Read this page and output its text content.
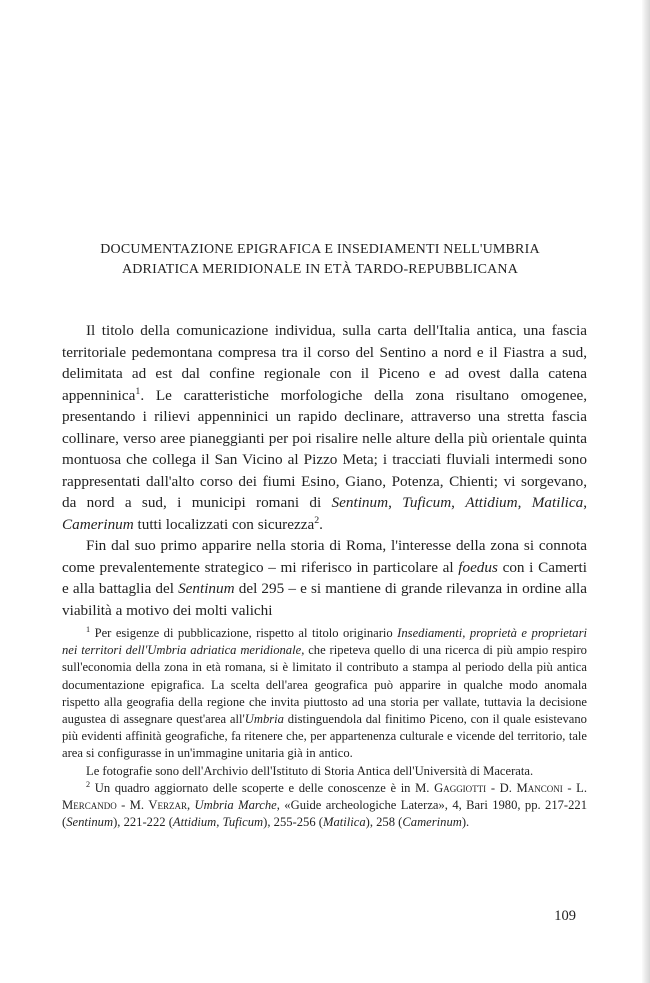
DOCUMENTAZIONE EPIGRAFICA E INSEDIAMENTI NELL'UMBRIA
ADRIATICA MERIDIONALE IN ETÀ TARDO-REPUBBLICANA

Il titolo della comunicazione individua, sulla carta dell'Italia antica, una fascia territoriale pedemontana compresa tra il corso del Sentino a nord e il Fiastra a sud, delimitata ad est dal confine regionale con il Piceno e ad ovest dalla catena appenninica$^1$. Le caratteristiche morfologiche della zona risultano omogenee, presentando i rilievi appenninici un rapido declinare, attraverso una stretta fascia collinare, verso aree pianeggianti per poi risalire nelle alture della più orientale quinta montuosa che collega il San Vicino al Pizzo Meta; i tracciati fluviali intermedi sono rappresentati dall'alto corso dei fiumi Esino, Giano, Potenza, Chienti; vi sorgevano, da nord a sud, i municipi romani di Sentinum, Tuficum, Attidium, Matilica, Camerinum tutti localizzati con sicurezza$^2$.

Fin dal suo primo apparire nella storia di Roma, l'interesse della zona si connota come prevalentemente strategico – mi riferisco in particolare al foedus con i Camerti e alla battaglia del Sentinum del 295 – e si mantiene di grande rilevanza in ordine alla viabilità a motivo dei molti valichi

$^1$ Per esigenze di pubblicazione, rispetto al titolo originario Insediamenti, proprietà e proprietari nei territori dell'Umbria adriatica meridionale, che ripeteva quello di una ricerca di più ampio respiro sull'economia della zona in età romana, si è limitato il contributo a stampa al periodo della più antica documentazione epigrafica. La scelta dell'area geografica può apparire in qualche modo anomala rispetto alla geografia della regione che invita piuttosto ad una storia per vallate, tuttavia la decisione augustea di assegnare quest'area all'Umbria distinguendola dal finitimo Piceno, con il quale esistevano più evidenti affinità geografiche, fa ritenere che, per appartenenza culturale e vicende del territorio, tale area si configurasse in un'immagine unitaria già in antico.

Le fotografie sono dell'Archivio dell'Istituto di Storia Antica dell'Università di Macerata.

$^2$ Un quadro aggiornato delle scoperte e delle conoscenze è in M. Gaggiotti - D. Manconi - L. Mercando - M. Verzar, Umbria Marche, «Guide archeologiche Laterza», 4, Bari 1980, pp. 217-221 (Sentinum), 221-222 (Attidium, Tuficum), 255-256 (Matilica), 258 (Camerinum).

109
